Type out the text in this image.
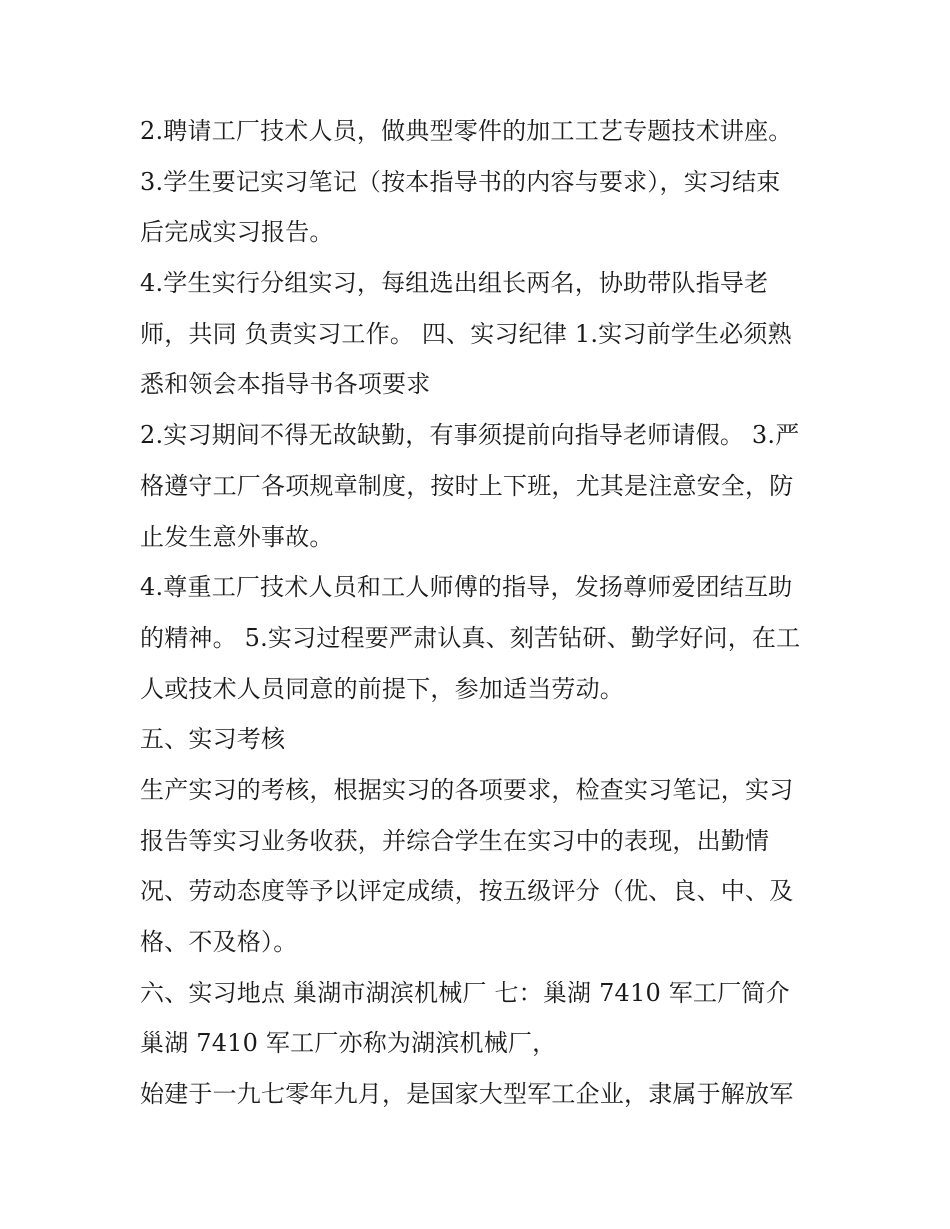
2.聘请工厂技术人员，做典型零件的加工工艺专题技术讲座。
3.学生要记实习笔记（按本指导书的内容与要求），实习结束
后完成实习报告。
4.学生实行分组实习，每组选出组长两名，协助带队指导老
师，共同 负责实习工作。 四、实习纪律 1.实习前学生必须熟
悉和领会本指导书各项要求
2.实习期间不得无故缺勤，有事须提前向指导老师请假。 3.严
格遵守工厂各项规章制度，按时上下班，尤其是注意安全，防
止发生意外事故。
4.尊重工厂技术人员和工人师傅的指导，发扬尊师爱团结互助
的精神。 5.实习过程要严肃认真、刻苦钻研、勤学好问，在工
人或技术人员同意的前提下，参加适当劳动。
五、实习考核
生产实习的考核，根据实习的各项要求，检查实习笔记，实习
报告等实习业务收获，并综合学生在实习中的表现，出勤情
况、劳动态度等予以评定成绩，按五级评分（优、良、中、及
格、不及格）。
六、实习地点 巢湖市湖滨机械厂 七：巢湖 7410 军工厂简介
巢湖 7410 军工厂亦称为湖滨机械厂，
始建于一九七零年九月，是国家大型军工企业，隶属于解放军
